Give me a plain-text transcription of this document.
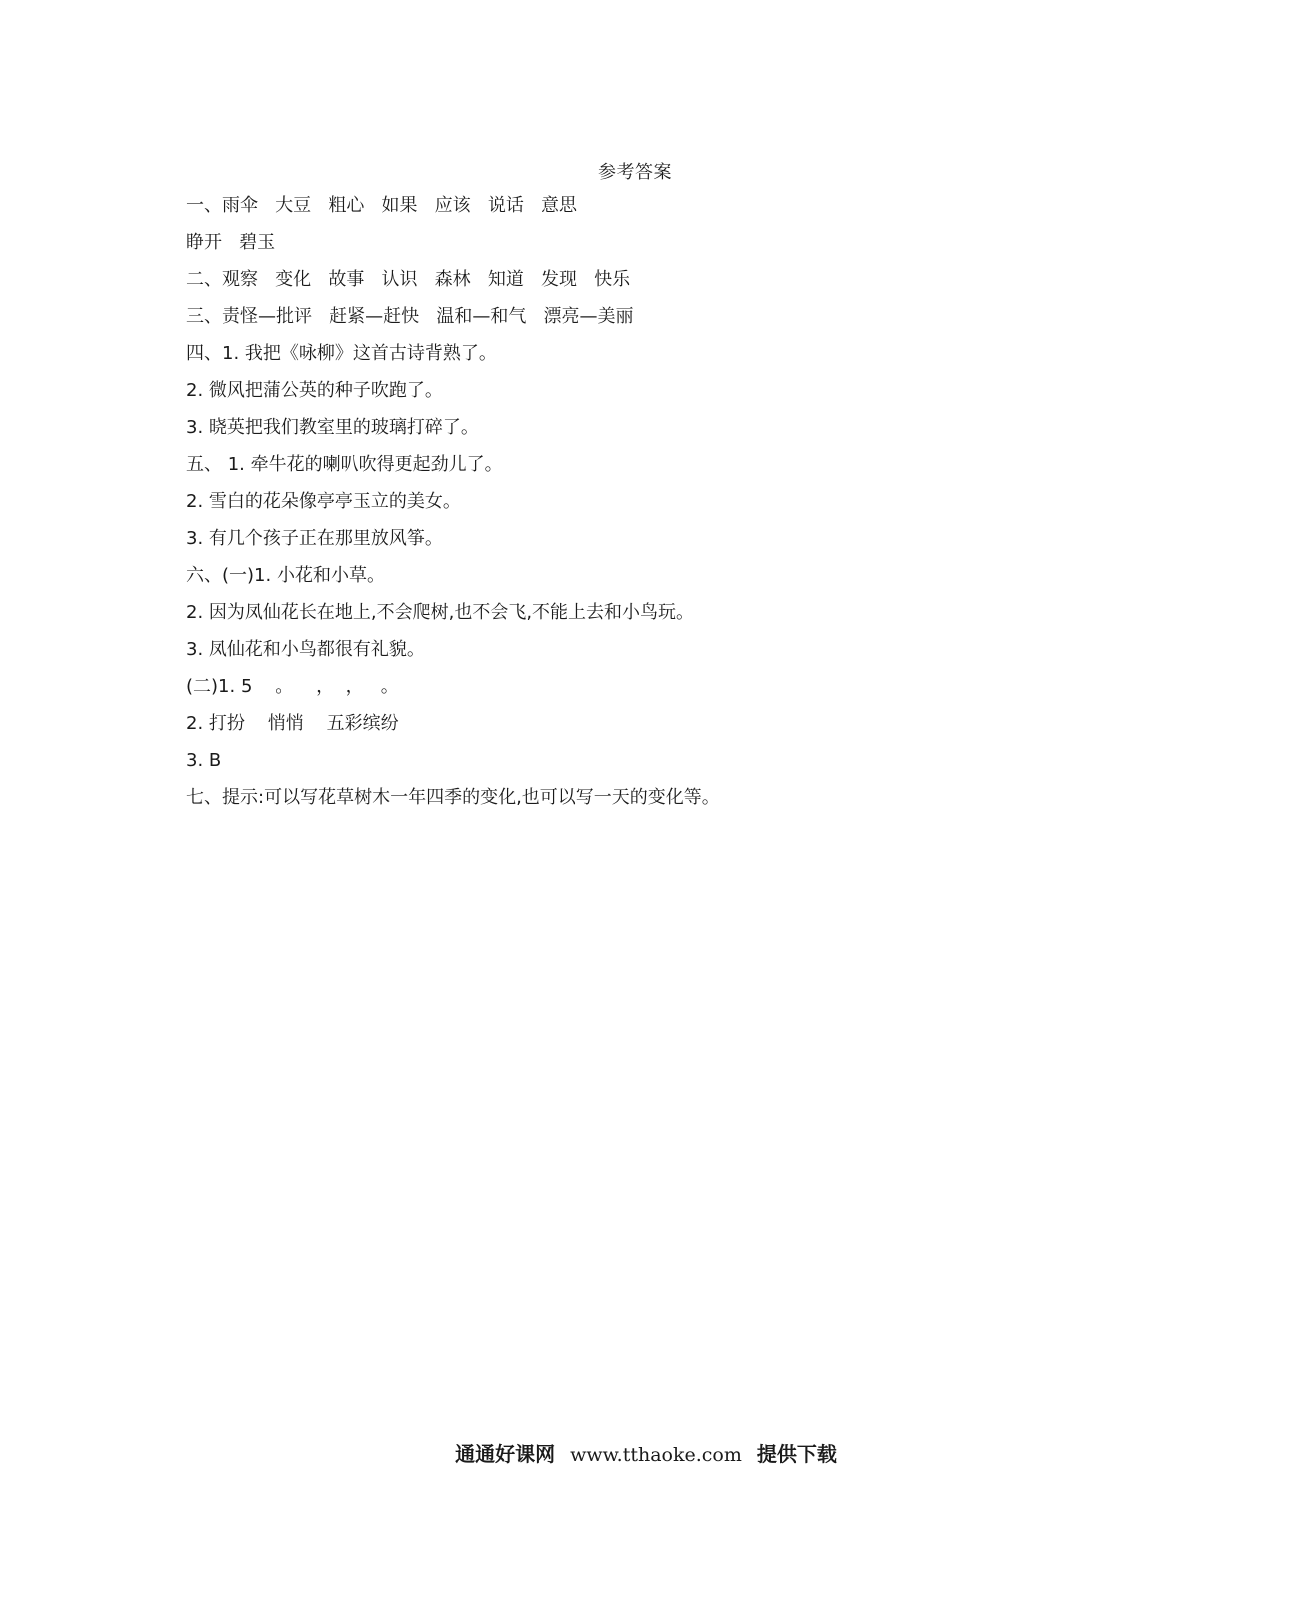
参考答案
一、雨伞   大豆   粗心   如果   应该   说话   意思
睁开   碧玉
二、观察   变化   故事   认识   森林   知道   发现   快乐
三、责怪—批评   赶紧—赶快   温和—和气   漂亮—美丽
四、1. 我把《咏柳》这首古诗背熟了。
2. 微风把蒲公英的种子吹跑了。
3. 晓英把我们教室里的玻璃打碎了。
五、 1. 牵牛花的喇叭吹得更起劲儿了。
2. 雪白的花朵像亭亭玉立的美女。
3. 有几个孩子正在那里放风筝。
六、(一)1. 小花和小草。
2. 因为凤仙花长在地上,不会爬树,也不会飞,不能上去和小鸟玩。
3. 凤仙花和小鸟都很有礼貌。
(二)1. 5    。    ，  ，   。
2. 打扮    悄悄    五彩缤纷
3. B
七、提示:可以写花草树木一年四季的变化,也可以写一天的变化等。
通通好课网 www.tthaoke.com 提供下载
